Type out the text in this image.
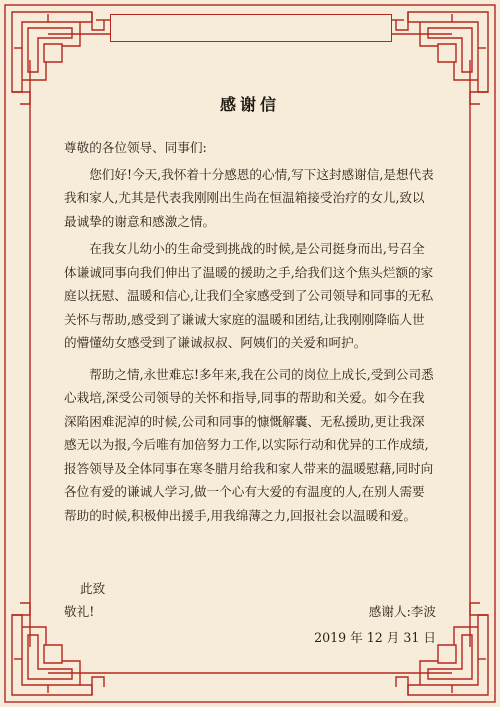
感谢信

尊敬的各位领导、同事们:

您们好!今天,我怀着十分感恩的心情,写下这封感谢信,是想代表我和家人,尤其是代表我刚刚出生尚在恒温箱接受治疗的女儿,致以最诚挚的谢意和感激之情。

在我女儿幼小的生命受到挑战的时候,是公司挺身而出,号召全体谦诚同事向我们伸出了温暖的援助之手,给我们这个焦头烂额的家庭以抚慰、温暖和信心,让我们全家感受到了公司领导和同事的无私关怀与帮助,感受到了谦诚大家庭的温暖和团结,让我刚刚降临人世的懵懂幼女感受到了谦诚叔叔、阿姨们的关爱和呵护。

帮助之情,永世难忘!多年来,我在公司的岗位上成长,受到公司悉心栽培,深受公司领导的关怀和指导,同事的帮助和关爱。如今在我深陷困难泥淖的时候,公司和同事的慷慨解囊、无私援助,更让我深感无以为报,今后唯有加倍努力工作,以实际行动和优异的工作成绩,报答领导及全体同事在寒冬腊月给我和家人带来的温暖慰藉,同时向各位有爱的谦诚人学习,做一个心有大爱的有温度的人,在别人需要帮助的时候,积极伸出援手,用我绵薄之力,回报社会以温暖和爱。

此致
敬礼!	感谢人:李波
2019 年 12 月 31 日
